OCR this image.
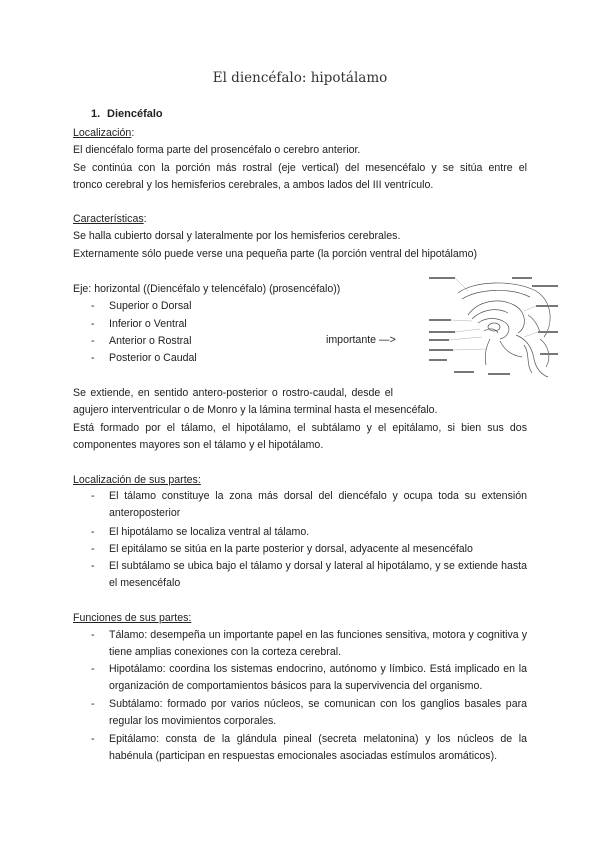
El diencéfalo: hipotálamo
1. Diencéfalo
Localización:
El diencéfalo forma parte del prosencéfalo o cerebro anterior.
Se continúa con la porción más rostral (eje vertical) del mesencéfalo y se sitúa entre el
tronco cerebral y los hemisferios cerebrales, a ambos lados del III ventrículo.
Características:
Se halla cubierto dorsal y lateralmente por los hemisferios cerebrales.
Externamente sólo puede verse una pequeña parte (la porción ventral del hipotálamo)
Eje: horizontal ((Diencéfalo y telencéfalo) (prosencéfalo))
- Superior o Dorsal
- Inferior o Ventral
- Anterior o Rostral
- Posterior o Caudal
importante —>
Se extiende, en sentido antero-posterior o rostro-caudal, desde el
agujero interventricular o de Monro y la lámina terminal hasta el mesencéfalo.
Está formado por el tálamo, el hipotálamo, el subtálamo y el epitálamo, si bien sus dos
componentes mayores son el tálamo y el hipotálamo.
Localización de sus partes:
- El tálamo constituye la zona más dorsal del diencéfalo y ocupa toda su extensión anteroposterior
- El hipotálamo se localiza ventral al tálamo.
- El epitálamo se sitúa en la parte posterior y dorsal, adyacente al mesencéfalo
- El subtálamo se ubica bajo el tálamo y dorsal y lateral al hipotálamo, y se extiende hasta el mesencéfalo
Funciones de sus partes:
- Tálamo: desempeña un importante papel en las funciones sensitiva, motora y cognitiva y tiene amplias conexiones con la corteza cerebral.
- Hipotálamo: coordina los sistemas endocrino, autónomo y límbico. Está implicado en la organización de comportamientos básicos para la supervivencia del organismo.
- Subtálamo: formado por varios núcleos, se comunican con los ganglios basales para regular los movimientos corporales.
- Epitálamo: consta de la glándula pineal (secreta melatonina) y los núcleos de la habénula (participan en respuestas emocionales asociadas estímulos aromáticos).
